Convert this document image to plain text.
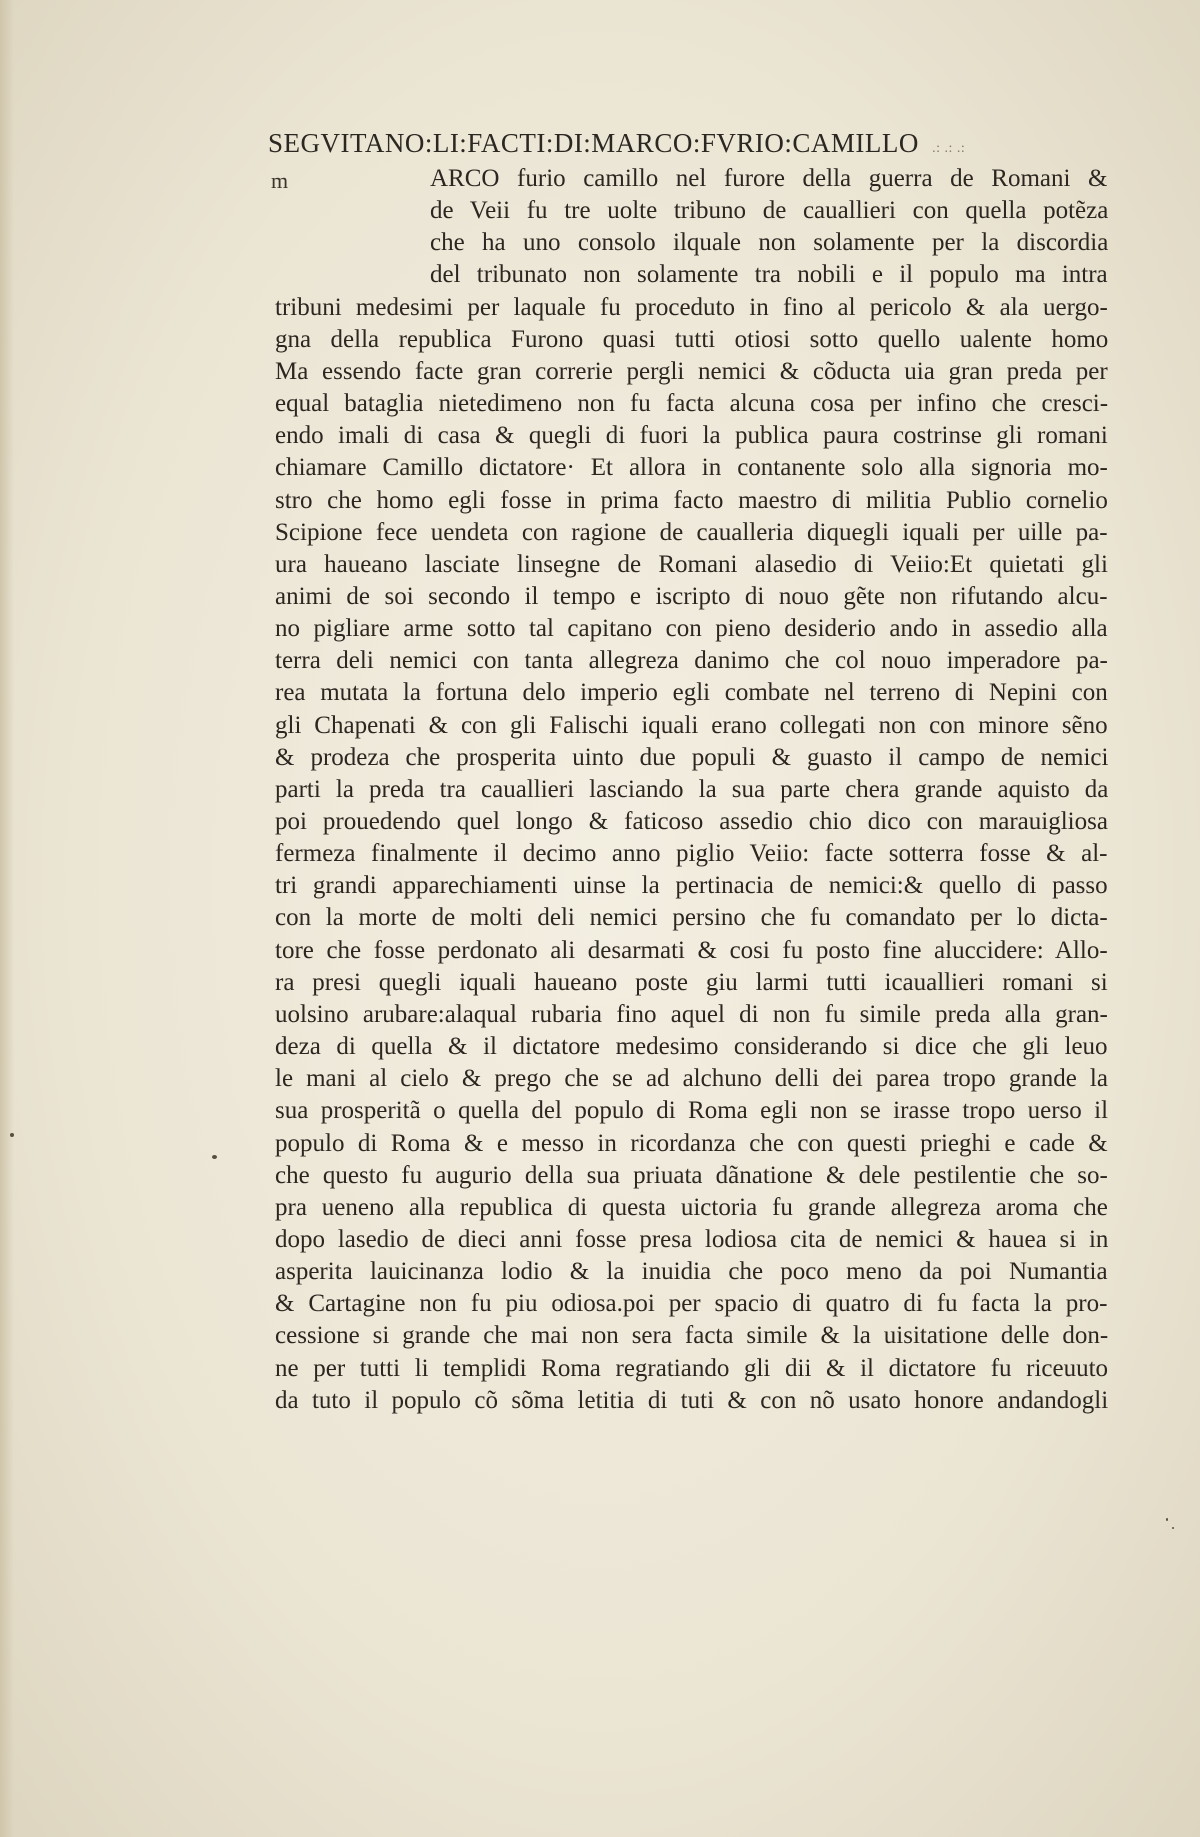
SEGVITANO:LI:FACTI:DI:MARCO:FVRIO:CAMILLO .: .: .:
m	ARCO furio camillo nel furore della guerra de Romani &
de Veii fu tre uolte tribuno de cauallieri con quella potẽza
che ha uno consolo ilquale non solamente per la discordia
del tribunato non solamente tra nobili e il populo ma intra
tribuni medesimi per laquale fu proceduto in fino al pericolo & ala uergo-
gna della republica Furono quasi tutti otiosi sotto quello ualente homo
Ma essendo facte gran correrie pergli nemici & cõducta uia gran preda per
equal bataglia nietedimeno non fu facta alcuna cosa per infino che cresci-
endo imali di casa & quegli di fuori la publica paura costrinse gli romani
chiamare Camillo dictatore· Et allora in contanente solo alla signoria mo-
stro che homo egli fosse in prima facto maestro di militia Publio cornelio
Scipione fece uendeta con ragione de caualleria diquegli iquali per uille pa-
ura haueano lasciate linsegne de Romani alasedio di Veiio:Et quietati gli
animi de soi secondo il tempo e iscripto di nouo gẽte non rifutando alcu-
no pigliare arme sotto tal capitano con pieno desiderio ando in assedio alla
terra deli nemici con tanta allegreza danimo che col nouo imperadore pa-
rea mutata la fortuna delo imperio egli combate nel terreno di Nepini con
gli Chapenati & con gli Falischi iquali erano collegati non con minore sẽno
& prodeza che prosperita uinto due populi & guasto il campo de nemici
parti la preda tra cauallieri lasciando la sua parte chera grande aquisto da
poi prouedendo quel longo & faticoso assedio chio dico con marauigliosa
fermeza finalmente il decimo anno piglio Veiio: facte sotterra fosse & al-
tri grandi apparechiamenti uinse la pertinacia de nemici:& quello di passo
con la morte de molti deli nemici persino che fu comandato per lo dicta-
tore che fosse perdonato ali desarmati & cosi fu posto fine aluccidere: Allo-
ra presi quegli iquali haueano poste giu larmi tutti icauallieri romani si
uolsino arubare:alaqual rubaria fino aquel di non fu simile preda alla gran-
deza di quella & il dictatore medesimo considerando si dice che gli leuo
le mani al cielo & prego che se ad alchuno delli dei parea tropo grande la
sua prosperitã o quella del populo di Roma egli non se irasse tropo uerso il
populo di Roma & e messo in ricordanza che con questi prieghi e cade &
che questo fu augurio della sua priuata dãnatione & dele pestilentie che so-
pra ueneno alla republica di questa uictoria fu grande allegreza aroma che
dopo lasedio de dieci anni fosse presa lodiosa cita de nemici & hauea si in
asperita lauicinanza lodio & la inuidia che poco meno da poi Numantia
& Cartagine non fu piu odiosa.poi per spacio di quatro di fu facta la pro-
cessione si grande che mai non sera facta simile & la uisitatione delle don-
ne per tutti li templidi Roma regratiando gli dii & il dictatore fu riceuuto
da tuto il populo cõ sõma letitia di tuti & con nõ usato honore andandogli
